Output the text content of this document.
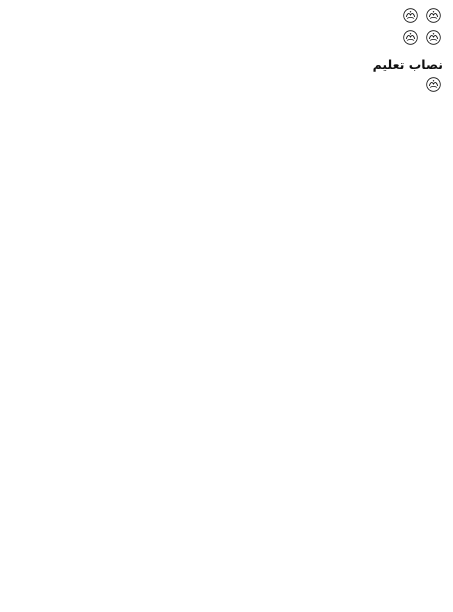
نصاب تعلیم
